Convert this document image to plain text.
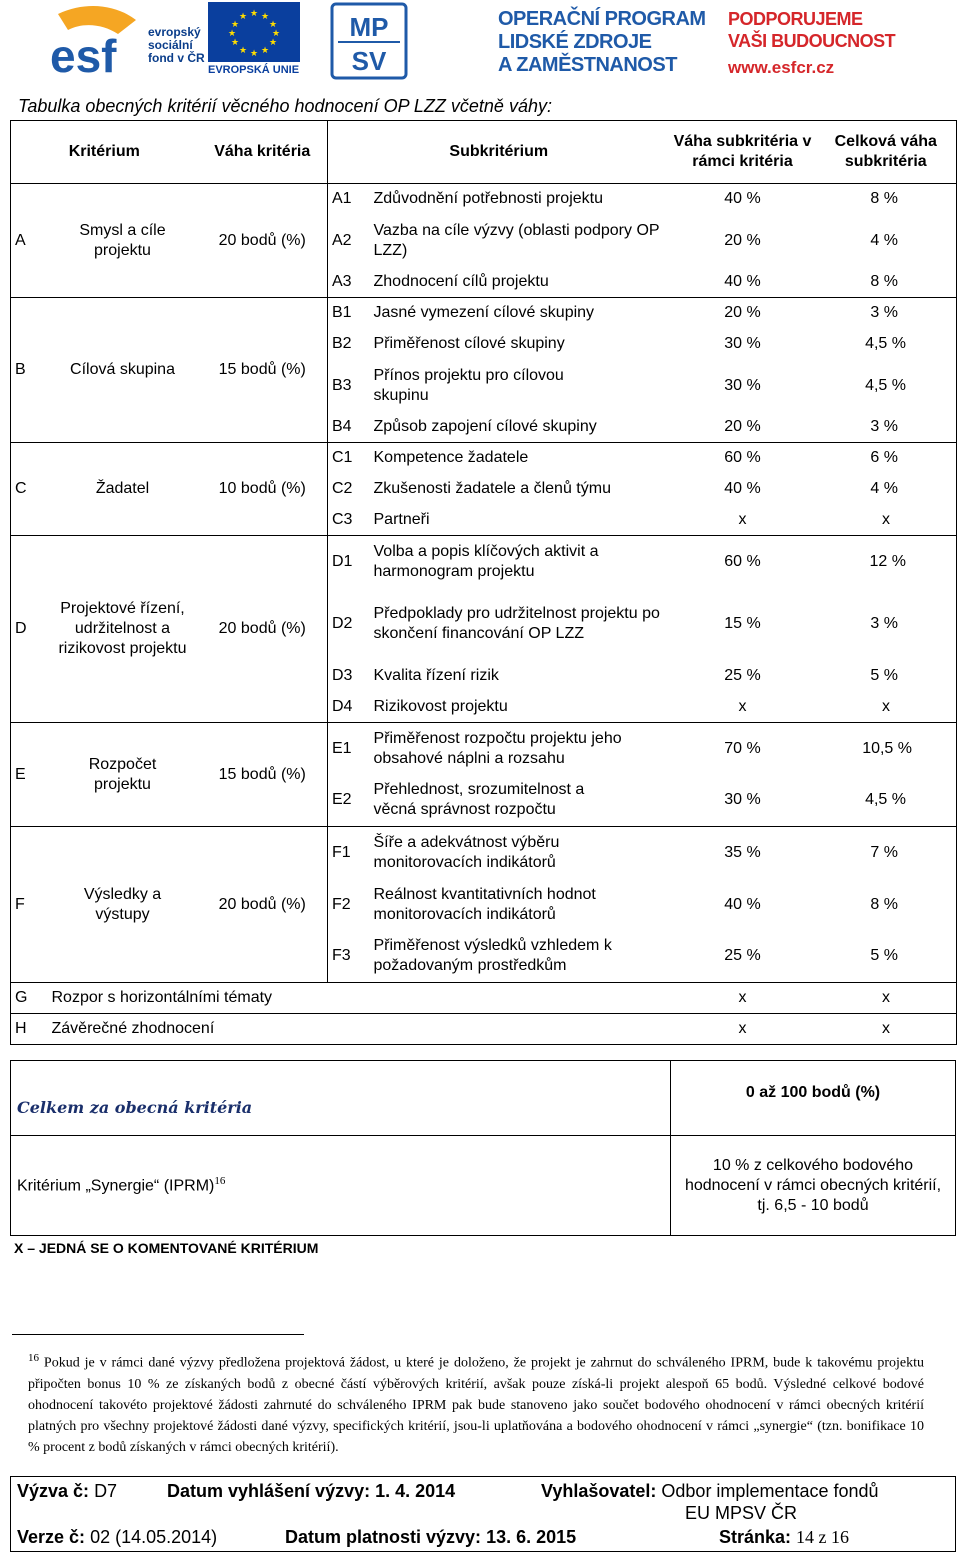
esf	evropský
sociální
fond v ČR
★ ★
★
★
★
★
★
★
★
★
★
★
EVROPSKÁ UNIE
MP
SV
OPERAČNÍ PROGRAM
LIDSKÉ ZDROJE
A ZAMĚSTNANOST
PODPORUJEME
VAŠI BUDOUCNOST
www.esfcr.cz
Tabulka obecných kritérií věcného hodnocení OP LZZ včetně váhy:
Kritérium		Váha kritéria	Subkritérium		Váha subkritéria v rámci kritéria	Celková váha subkritéria
A	Smysl a cíle projektu	20 bodů (%)	A1	Zdůvodnění potřebnosti projektu	40 %	8 %
			A2	Vazba na cíle výzvy (oblasti podpory OP LZZ)	20 %	4 %
			A3	Zhodnocení cílů projektu	40 %	8 %
B	Cílová skupina	15 bodů (%)	B1	Jasné vymezení cílové skupiny	20 %	3 %
			B2	Přiměřenost cílové skupiny	30 %	4,5 %
			B3	Přínos projektu pro cílovou skupinu	30 %	4,5 %
			B4	Způsob zapojení cílové skupiny	20 %	3 %
C	Žadatel	10 bodů (%)	C1	Kompetence žadatele	60 %	6 %
			C2	Zkušenosti žadatele a členů týmu	40 %	4 %
			C3	Partneři	x	x
D	Projektové řízení, udržitelnost a rizikovost projektu	20 bodů (%)	D1	Volba a popis klíčových aktivit a harmonogram projektu	60 %	12 %
			D2	Předpoklady pro udržitelnost projektu po skončení financování OP LZZ	15 %	3 %
			D3	Kvalita řízení rizik	25 %	5 %
			D4	Rizikovost projektu	x	x
E	Rozpočet projektu	15 bodů (%)	E1	Přiměřenost rozpočtu projektu jeho obsahové náplni a rozsahu	70 %	10,5 %
			E2	Přehlednost, srozumitelnost a věcná správnost rozpočtu	30 %	4,5 %
F	Výsledky a výstupy	20 bodů (%)	F1	Šíře a adekvátnost výběru monitorovacích indikátorů	35 %	7 %
			F2	Reálnost kvantitativních hodnot monitorovacích indikátorů	40 %	8 %
			F3	Přiměřenost výsledků vzhledem k požadovaným prostředkům	25 %	5 %
G	Rozpor s horizontálními tématy				x	x
H	Závěrečné zhodnocení				x	x
Celkem za obecná kritéria	0 až 100 bodů (%)
Kritérium „Synergie“ (IPRM)$^{16}$	10 % z celkového bodového hodnocení v rámci obecných kritérií, tj. 6,5 - 10 bodů
X – JEDNÁ SE O KOMENTOVANÉ KRITÉRIUM
$^{16}$ Pokud je v rámci dané výzvy předložena projektová žádost, u které je doloženo, že projekt je zahrnut do schváleného IPRM, bude k takovému projektu připočten bonus 10 % ze získaných bodů z obecné částí výběrových kritérií, avšak pouze získá-li projekt alespoň 65 bodů. Výsledné celkové bodové ohodnocení takovéto projektové žádosti zahrnuté do schváleného IPRM pak bude stanoveno jako součet bodového ohodnocení v rámci obecných kritérií platných pro všechny projektové žádosti dané výzvy, specifických kritérií, jsou-li uplatňována a bodového ohodnocení v rámci „synergie“ (tzn. bonifikace 10 % procent z bodů získaných v rámci obecných kritérií).
Výzva č: D7	Datum vyhlášení výzvy: 1. 4. 2014	Vyhlašovatel: Odbor implementace fondů
EU MPSV ČR
Verze č: 02 (14.05.2014)	Datum platnosti výzvy: 13. 6. 2015	Stránka: 14 z 16
